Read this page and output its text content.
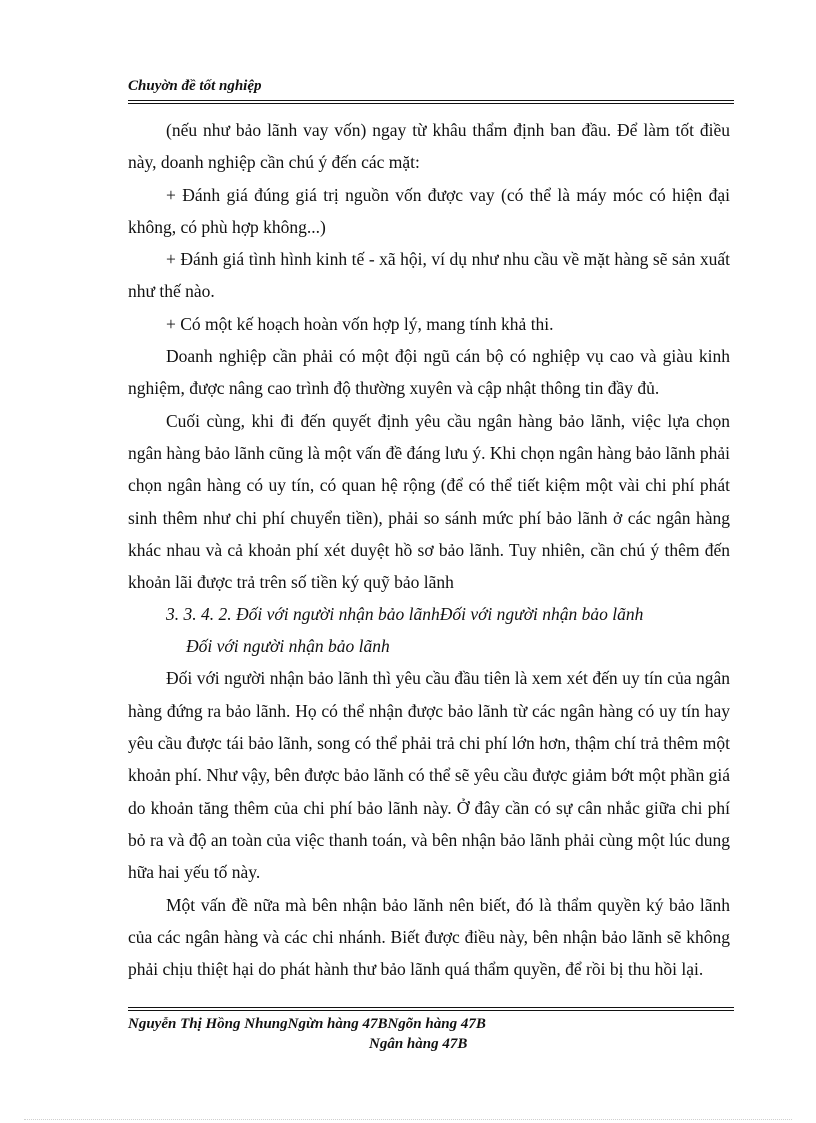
Chuyờn đề tốt nghiệp

(nếu như bảo lãnh vay vốn) ngay từ khâu thẩm định ban đầu. Để làm tốt điều này, doanh nghiệp cần chú ý đến các mặt:

+ Đánh giá đúng giá trị nguồn vốn được vay (có thể là máy móc có hiện đại không, có phù hợp không...)

+ Đánh giá tình hình kinh tế - xã hội, ví dụ như nhu cầu về mặt hàng sẽ sản xuất như thế nào.

+ Có một kế hoạch hoàn vốn hợp lý, mang tính khả thi.

Doanh nghiệp cần phải có một đội ngũ cán bộ có nghiệp vụ cao và giàu kinh nghiệm, được nâng cao trình độ thường xuyên và cập nhật thông tin đầy đủ.

Cuối cùng, khi đi đến quyết định yêu cầu ngân hàng bảo lãnh, việc lựa chọn ngân hàng bảo lãnh cũng là một vấn đề đáng lưu ý. Khi chọn ngân hàng bảo lãnh phải chọn ngân hàng có uy tín, có quan hệ rộng (để có thể tiết kiệm một vài chi phí phát sinh thêm như chi phí chuyển tiền), phải so sánh mức phí bảo lãnh ở các ngân hàng khác nhau và cả khoản phí xét duyệt hồ sơ bảo lãnh. Tuy nhiên, cần chú ý thêm đến khoản lãi được trả trên số tiền ký quỹ bảo lãnh

3. 3. 4. 2. Đối với người nhận bảo lãnhĐối với người nhận bảo lãnh
Đối với người nhận bảo lãnh

Đối với người nhận bảo lãnh thì yêu cầu đầu tiên là xem xét đến uy tín của ngân hàng đứng ra bảo lãnh. Họ có thể nhận được bảo lãnh từ các ngân hàng có uy tín hay yêu cầu được tái bảo lãnh, song có thể phải trả chi phí lớn hơn, thậm chí trả thêm một khoản phí. Như vậy, bên được bảo lãnh có thể sẽ yêu cầu được giảm bớt một phần giá do khoản tăng thêm của chi phí bảo lãnh này. Ở đây cần có sự cân nhắc giữa chi phí bỏ ra và độ an toàn của việc thanh toán, và bên nhận bảo lãnh phải cùng một lúc dung hữa hai yếu tố này.

Một vấn đề nữa mà bên nhận bảo lãnh nên biết, đó là thẩm quyền ký bảo lãnh của các ngân hàng và các chi nhánh. Biết được điều này, bên nhận bảo lãnh sẽ không phải chịu thiệt hại do phát hành thư bảo lãnh quá thẩm quyền, để rồi bị thu hồi lại.

Nguyễn Thị Hồng NhungNgừn hàng 47BNgõn hàng 47B
Ngân hàng 47B
